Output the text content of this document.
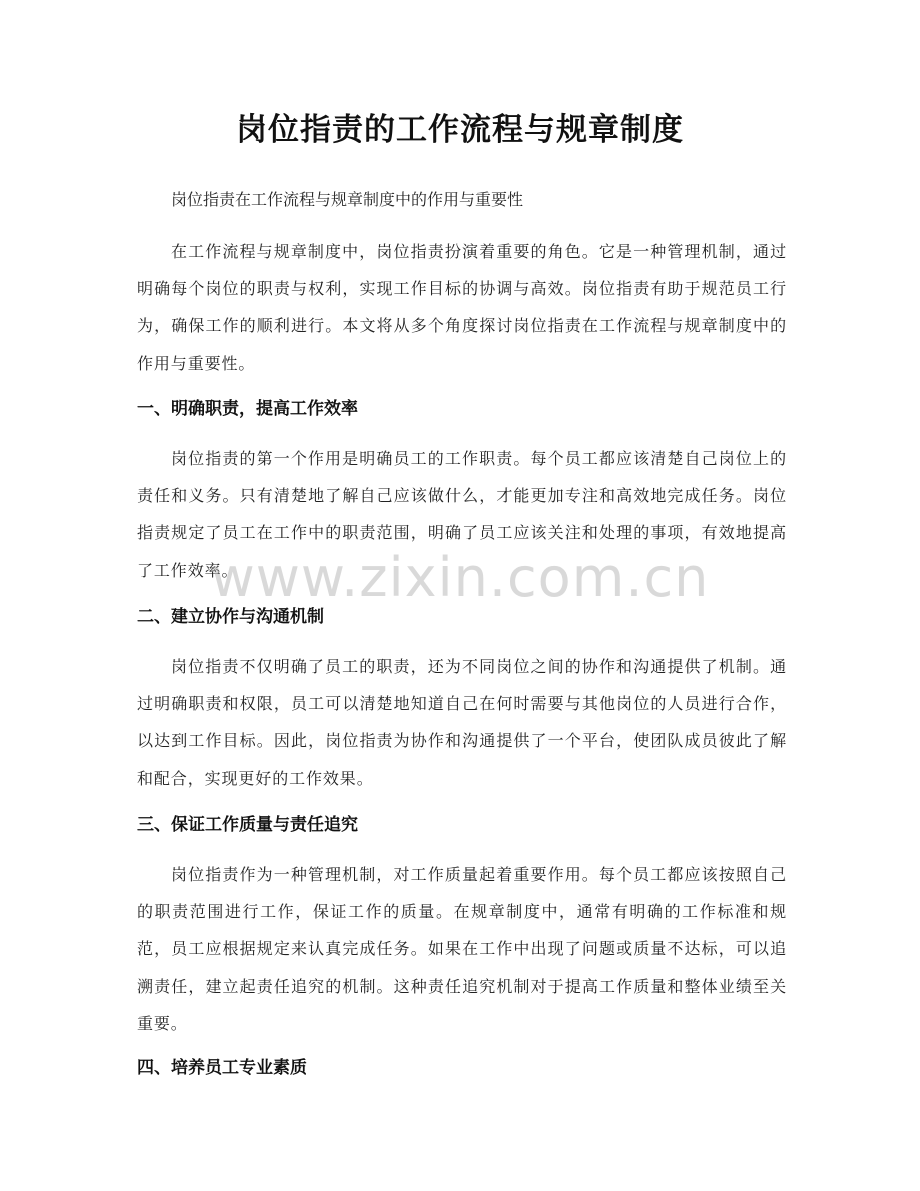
岗位指责的工作流程与规章制度

岗位指责在工作流程与规章制度中的作用与重要性

在工作流程与规章制度中，岗位指责扮演着重要的角色。它是一种管理机制，通过明确每个岗位的职责与权利，实现工作目标的协调与高效。岗位指责有助于规范员工行为，确保工作的顺利进行。本文将从多个角度探讨岗位指责在工作流程与规章制度中的作用与重要性。

一、明确职责，提高工作效率

岗位指责的第一个作用是明确员工的工作职责。每个员工都应该清楚自己岗位上的责任和义务。只有清楚地了解自己应该做什么，才能更加专注和高效地完成任务。岗位指责规定了员工在工作中的职责范围，明确了员工应该关注和处理的事项，有效地提高了工作效率。

二、建立协作与沟通机制

岗位指责不仅明确了员工的职责，还为不同岗位之间的协作和沟通提供了机制。通过明确职责和权限，员工可以清楚地知道自己在何时需要与其他岗位的人员进行合作，以达到工作目标。因此，岗位指责为协作和沟通提供了一个平台，使团队成员彼此了解和配合，实现更好的工作效果。

三、保证工作质量与责任追究

岗位指责作为一种管理机制，对工作质量起着重要作用。每个员工都应该按照自己的职责范围进行工作，保证工作的质量。在规章制度中，通常有明确的工作标准和规范，员工应根据规定来认真完成任务。如果在工作中出现了问题或质量不达标，可以追溯责任，建立起责任追究的机制。这种责任追究机制对于提高工作质量和整体业绩至关重要。

四、培养员工专业素质
www.zixin.com.cn
